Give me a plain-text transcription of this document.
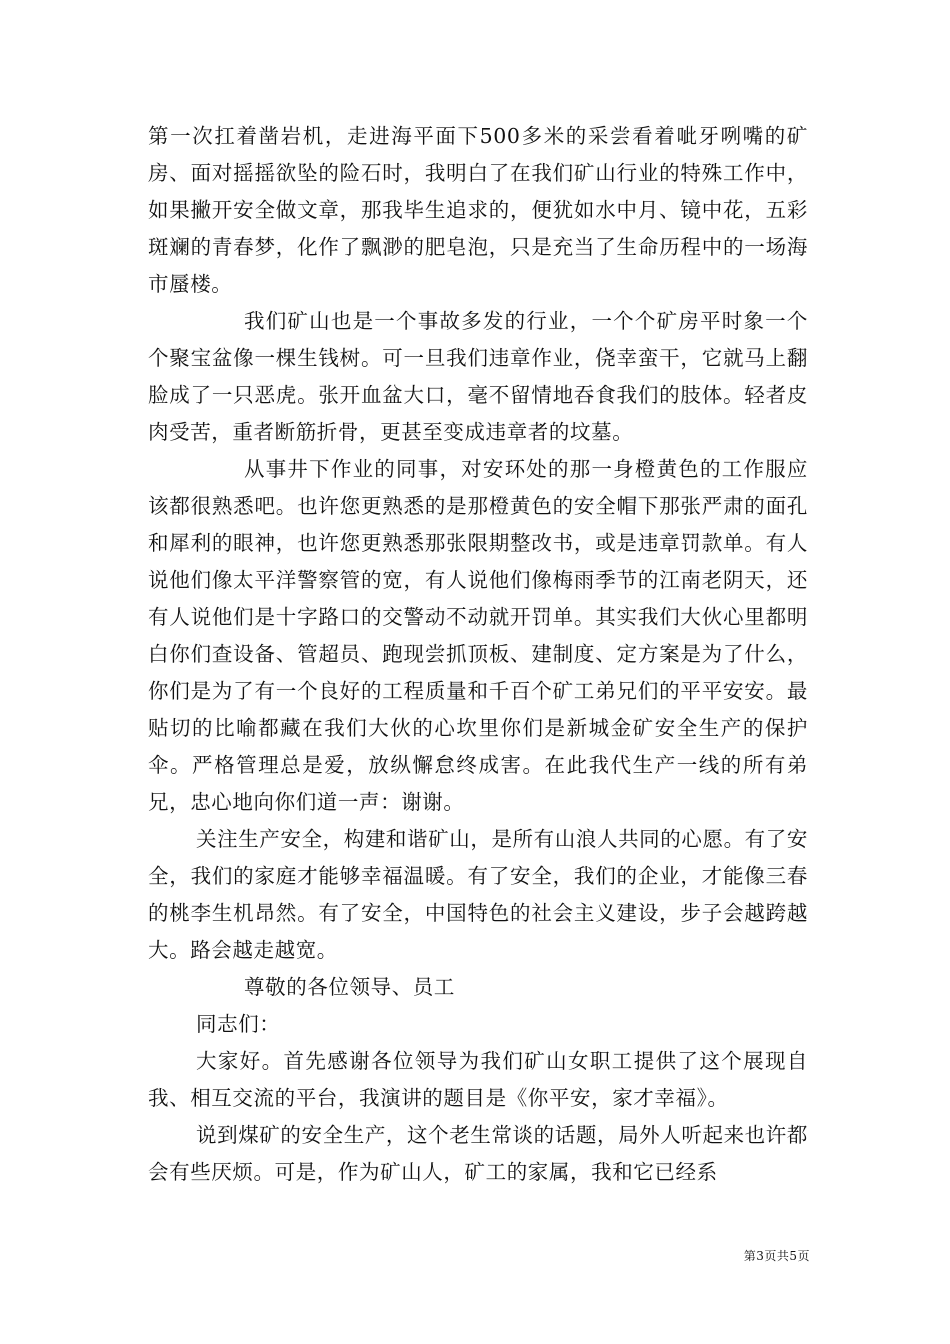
第一次扛着凿岩机，走进海平面下500多米的采尝看着呲牙咧嘴的矿房、面对摇摇欲坠的险石时，我明白了在我们矿山行业的特殊工作中，如果撇开安全做文章，那我毕生追求的，便犹如水中月、镜中花，五彩斑斓的青春梦，化作了飘渺的肥皂泡，只是充当了生命历程中的一场海市蜃楼。

我们矿山也是一个事故多发的行业，一个个矿房平时象一个个聚宝盆像一棵生钱树。可一旦我们违章作业，侥幸蛮干，它就马上翻脸成了一只恶虎。张开血盆大口，毫不留情地吞食我们的肢体。轻者皮肉受苦，重者断筋折骨，更甚至变成违章者的坟墓。

从事井下作业的同事，对安环处的那一身橙黄色的工作服应该都很熟悉吧。也许您更熟悉的是那橙黄色的安全帽下那张严肃的面孔和犀利的眼神，也许您更熟悉那张限期整改书，或是违章罚款单。有人说他们像太平洋警察管的宽，有人说他们像梅雨季节的江南老阴天，还有人说他们是十字路口的交警动不动就开罚单。其实我们大伙心里都明白你们查设备、管超员、跑现尝抓顶板、建制度、定方案是为了什么，你们是为了有一个良好的工程质量和千百个矿工弟兄们的平平安安。最贴切的比喻都藏在我们大伙的心坎里你们是新城金矿安全生产的保护伞。严格管理总是爱，放纵懈怠终成害。在此我代生产一线的所有弟兄，忠心地向你们道一声：谢谢。

关注生产安全，构建和谐矿山，是所有山浪人共同的心愿。有了安全，我们的家庭才能够幸福温暖。有了安全，我们的企业，才能像三春的桃李生机昂然。有了安全，中国特色的社会主义建设，步子会越跨越大。路会越走越宽。

尊敬的各位领导、员工

同志们：

大家好。首先感谢各位领导为我们矿山女职工提供了这个展现自我、相互交流的平台，我演讲的题目是《你平安，家才幸福》。

说到煤矿的安全生产，这个老生常谈的话题，局外人听起来也许都会有些厌烦。可是，作为矿山人，矿工的家属，我和它已经系

第3页共5页
